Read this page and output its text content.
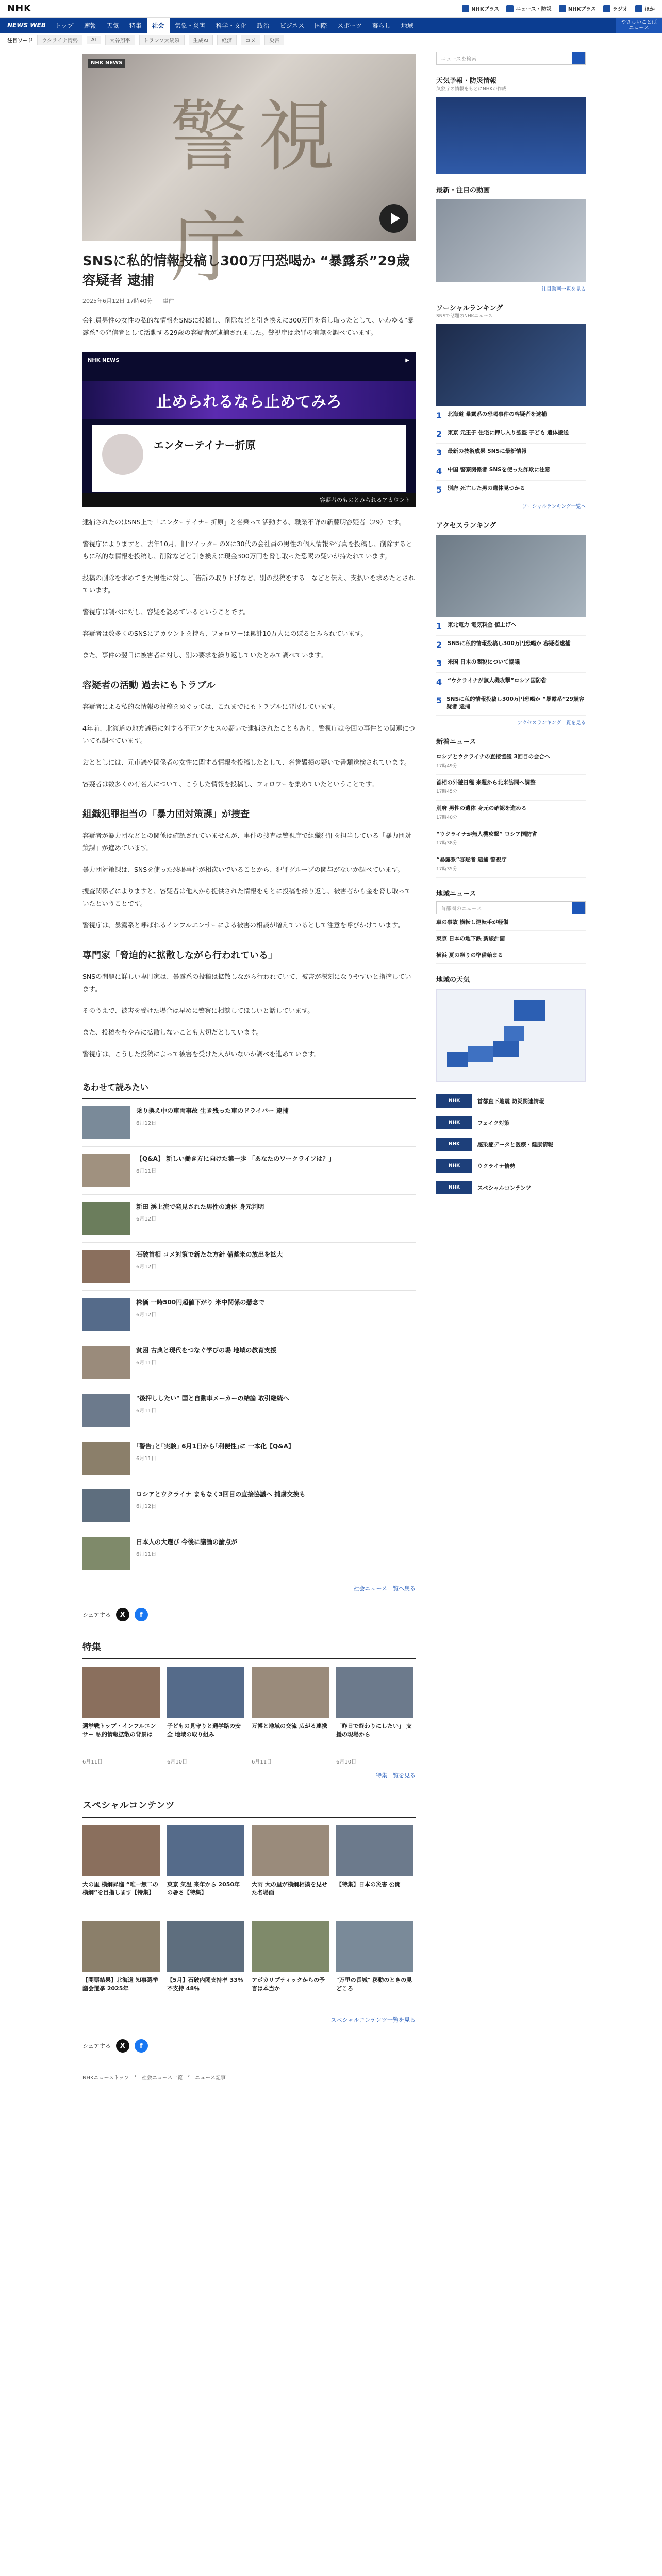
NHK	NHKプラス	ニュース・防災	NHKプラス	ラジオ	ほか
NEWS WEB	トップ	速報	天気	特集	社会	気象・災害	科学・文化	政治	ビジネス	国際	スポーツ	暮らし	地域	やさしいことばニュース
注目ワード	ウクライナ情勢	AI	大谷翔平	トランプ大統領	生成AI	経済	コメ	災害
NHK NEWS
警視庁
SNSに私的情報投稿し300万円恐喝か “暴露系”29歳容疑者 逮捕
2025年6月12日 17時40分 事件

会社員男性の女性の私的な情報をSNSに投稿し、削除などと引き換えに300万円を脅し取ったとして、いわゆる“暴露系”の発信者として活動する29歳の容疑者が逮捕されました。警視庁は余罪の有無を調べています。

NHK NEWS	▶
止められるなら止めてみろ
エンターテイナー折原
容疑者のものとみられるアカウント

逮捕されたのはSNS上で「エンターテイナー折原」と名乗って活動する、職業不詳の新藤明容疑者（29）です。

警視庁によりますと、去年10月、旧ツイッターのXに30代の会社員の男性の個人情報や写真を投稿し、削除するともに私的な情報を投稿し、削除などと引き換えに現金300万円を脅し取った恐喝の疑いが持たれています。

投稿の削除を求めてきた男性に対し、「告訴の取り下げなど、別の投稿をする」などと伝え、支払いを求めたとされています。

警視庁は調べに対し、容疑を認めているということです。

容疑者は数多くのSNSにアカウントを持ち、フォロワーは累計10万人にのぼるとみられています。

また、事件の翌日に被害者に対し、別の要求を繰り返していたとみて調べています。

容疑者の活動 過去にもトラブル

容疑者による私的な情報の投稿をめぐっては、これまでにもトラブルに発展しています。

4年前、北海道の地方議員に対する不正アクセスの疑いで逮捕されたこともあり、警視庁は今回の事件との関連についても調べています。

おととしには、元市議や関係者の女性に関する情報を投稿したとして、名誉毀損の疑いで書類送検されています。

容疑者は数多くの有名人について、こうした情報を投稿し、フォロワーを集めていたということです。

組織犯罪担当の「暴力団対策課」が捜査

容疑者が暴力団などとの関係は確認されていませんが、事件の捜査は警視庁で組織犯罪を担当している「暴力団対策課」が進めています。

暴力団対策課は、SNSを使った恐喝事件が相次いでいることから、犯罪グループの関与がないか調べています。

捜査関係者によりますと、容疑者は他人から提供された情報をもとに投稿を繰り返し、被害者から金を脅し取っていたということです。

警視庁は、暴露系と呼ばれるインフルエンサーによる被害の相談が増えているとして注意を呼びかけています。

専門家「脅迫的に拡散しながら行われている」

SNSの問題に詳しい専門家は、暴露系の投稿は拡散しながら行われていて、被害が深刻になりやすいと指摘しています。

そのうえで、被害を受けた場合は早めに警察に相談してほしいと話しています。

また、投稿をむやみに拡散しないことも大切だとしています。

警視庁は、こうした投稿によって被害を受けた人がいないか調べを進めています。

あわせて読みたい
乗り換え中の車両事故 生き残った車のドライバー 逮捕
6月12日
【Q&A】 新しい働き方に向けた第一歩 「あなたのワークライフは？」
6月11日
新田 渓上流で発見された男性の遺体 身元判明
6月12日
石破首相 コメ対策で新たな方針 備蓄米の放出を拡大
6月12日
株価 一時500円超値下がり 米中関係の懸念で
6月12日
貧困 古典と現代をつなぐ学びの場 地域の教育支援
6月11日
"後押ししたい" 国と自動車メーカーの結論 取引継続へ
6月11日
｢警告｣と｢実験｣ 6月1日から｢利便性｣に 一本化【Q&A】
6月11日
ロシアとウクライナ まもなく3回目の直接協議へ 捕虜交換も
6月12日
日本人の大選び 今後に議論の論点が
6月11日
社会ニュース一覧へ戻る
シェアする	X	f
特集
選挙戦トップ・インフルエンサー 私的情報拡散の背景は
6月11日
子どもの見守りと通学路の安全 地域の取り組み
6月10日
万博と地域の交流 広がる連携
6月11日
「昨日で終わりにしたい」 支援の現場から
6月10日
特集一覧を見る
スペシャルコンテンツ
大の里 横綱昇進 “唯一無二の横綱”を目指します【特集】
東京 気温 来年から 2050年の暑さ【特集】
大雨 大の里が横綱相撲を見せた名場面
【特集】日本の災害 公開
【開票結果】北海道 知事選挙 議会選挙 2025年
【5月】石破内閣支持率 33％ 不支持 48％
アポカリプティックからの予言は本当か
"万里の長城" 移動のときの見どころ
スペシャルコンテンツ一覧を見る
シェアする	X	f
NHKニューストップ › 社会ニュース一覧 › ニュース記事
ニュースを検索
天気予報・防災情報
気象庁の情報をもとにNHKが作成
最新・注目の動画
注目動画一覧を見る
ソーシャルランキング
SNSで話題のNHKニュース
1 北海道 暴露系の恐喝事件の容疑者を逮捕
2 東京 元王子 住宅に押し入り強盗 子ども 遺体搬送
3 最新の技術成果 SNSに最新情報
4 中国 警察関係者 SNSを使った詐欺に注意
5 別府 死亡した男の遺体見つかる
ソーシャルランキング一覧へ
アクセスランキング
1 東北電力 電気料金 値上げへ
2 SNSに私的情報投稿し300万円恐喝か 容疑者逮捕
3 米国 日本の関税について協議
4 “ウクライナが無人機攻撃”ロシア国防省
5 SNSに私的情報投稿し300万円恐喝か “暴露系”29歳容疑者 逮捕
アクセスランキング一覧を見る
新着ニュース
ロシアとウクライナの直接協議 3回目の会合へ
17時49分
首相の外遊日程 来週から北米訪問へ調整
17時45分
別府 男性の遺体 身元の確認を進める
17時40分
“ウクライナが無人機攻撃” ロシア国防省
17時38分
“暴露系”容疑者 逮捕 警視庁
17時35分
地域ニュース
首都圏のニュース
車の事故 横転し運転手が軽傷
東京 日本の地下鉄 新線計画
横浜 夏の祭りの準備始まる
地域の天気
NHK	首都直下地震 防災関連情報
NHK	フェイク対策
NHK	感染症データと医療・健康情報
NHK	ウクライナ情勢
NHK	スペシャルコンテンツ
